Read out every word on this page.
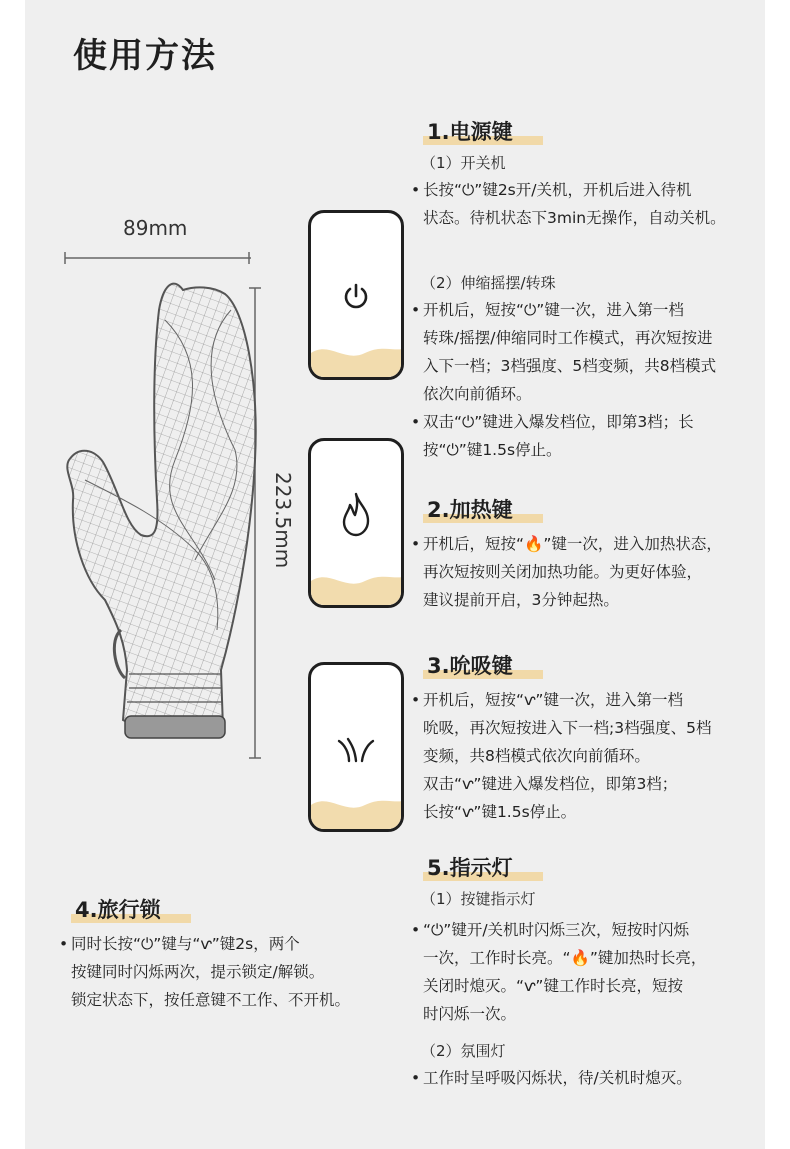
使用方法
89mm
223.5mm
1.电源键
（1）开关机
• 长按“⏻”键2s开/关机，开机后进入待机
状态。待机状态下3min无操作，自动关机。
（2）伸缩摇摆/转珠
• 开机后，短按“⏻”键一次，进入第一档
转珠/摇摆/伸缩同时工作模式，再次短按进
入下一档；3档强度、5档变频，共8档模式
依次向前循环。
• 双击“⏻”键进入爆发档位，即第3档；长
按“⏻”键1.5s停止。
2.加热键
• 开机后，短按“🔥”键一次，进入加热状态，
再次短按则关闭加热功能。为更好体验，
建议提前开启，3分钟起热。
3.吮吸键
• 开机后，短按“ⱱ”键一次，进入第一档
吮吸，再次短按进入下一档;3档强度、5档
变频，共8档模式依次向前循环。
双击“ⱱ”键进入爆发档位，即第3档；
长按“ⱱ”键1.5s停止。
4.旅行锁
• 同时长按“⏻”键与“ⱱ”键2s，两个
按键同时闪烁两次，提示锁定/解锁。
锁定状态下，按任意键不工作、不开机。
5.指示灯
（1）按键指示灯
• “⏻”键开/关机时闪烁三次，短按时闪烁
一次，工作时长亮。“🔥”键加热时长亮，
关闭时熄灭。“ⱱ”键工作时长亮，短按
时闪烁一次。
（2）氛围灯
• 工作时呈呼吸闪烁状，待/关机时熄灭。
